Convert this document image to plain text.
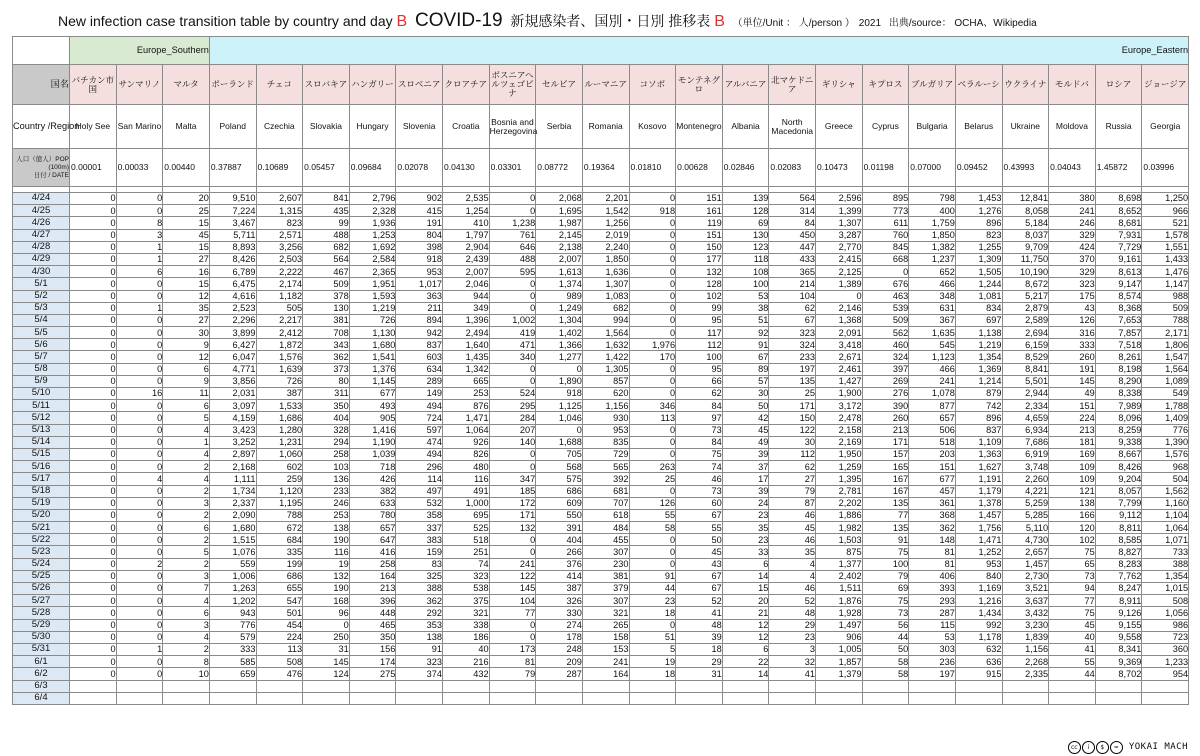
New infection case transition table by country and day B COVID-19 新規感染者、国別・日別 推移表 B （単位/Unit ： 人/person ） 2021 出典/source： OCHA、Wikipedia
	Europe_Southern			Europe_Eastern																				
国名	バチカン市国	サンマリノ	マルタ	ポーランド	チェコ	スロバキア	ハンガリー	スロベニア	クロアチア	ボスニアヘルツェゴビナ	セルビア	ルーマニア	コソボ	モンテネグロ	アルバニア	北マケドニア	ギリシャ	キプロス	ブルガリア	ベラルーシ	ウクライナ	モルドバ	ロシア	ジョージア
Country /Region	Holy See	San Marino	Malta	Poland	Czechia	Slovakia	Hungary	Slovenia	Croatia	Bosnia and Herzegovina	Serbia	Romania	Kosovo	Montenegro	Albania	North Macedonia	Greece	Cyprus	Bulgaria	Belarus	Ukraine	Moldova	Russia	Georgia
人口（億人）POP (100m)
日付 / DATE	0.00001	0.00033	0.00440	0.37887	0.10689	0.05457	0.09684	0.02078	0.04130	0.03301	0.08772	0.19364	0.01810	0.00628	0.02846	0.02083	0.10473	0.01198	0.07000	0.09452	0.43993	0.04043	1.45872	0.03996

4/24	0	0	20	9,510	2,607	841	2,796	902	2,535	0	2,068	2,201	0	151	139	564	2,596	895	798	1,453	12,841	380	8,698	1,250
4/25	0	0	25	7,224	1,315	435	2,328	415	1,254	0	1,695	1,542	918	161	128	314	1,399	773	400	1,276	8,058	241	8,652	966
4/26	0	8	15	3,467	823	99	1,936	191	410	1,238	1,987	1,256	0	119	69	84	1,307	611	1,759	896	5,184	246	8,681	521
4/27	0	3	45	5,711	2,571	488	1,253	804	1,797	761	2,145	2,019	0	151	130	450	3,287	760	1,850	823	8,037	329	7,931	1,578
4/28	0	1	15	8,893	3,256	682	1,692	398	2,904	646	2,138	2,240	0	150	123	447	2,770	845	1,382	1,255	9,709	424	7,729	1,551
4/29	0	1	27	8,426	2,503	564	2,584	918	2,439	488	2,007	1,850	0	177	118	433	2,415	668	1,237	1,309	11,750	370	9,161	1,433
4/30	0	6	16	6,789	2,222	467	2,365	953	2,007	595	1,613	1,636	0	132	108	365	2,125	0	652	1,505	10,190	329	8,613	1,476
5/1	0	0	15	6,475	2,174	509	1,951	1,017	2,046	0	1,374	1,307	0	128	100	214	1,389	676	466	1,244	8,672	323	9,147	1,147
5/2	0	0	12	4,616	1,182	378	1,593	363	944	0	989	1,083	0	102	53	104	0	463	348	1,081	5,217	175	8,574	988
5/3	0	1	35	2,523	505	130	1,219	211	349	0	1,249	682	0	99	38	62	2,146	539	631	834	2,879	43	8,368	509
5/4	0	0	27	2,296	2,217	381	726	894	1,396	1,002	1,304	994	0	95	51	67	1,368	509	367	697	2,589	126	7,653	788
5/5	0	0	30	3,899	2,412	708	1,130	942	2,494	419	1,402	1,564	0	117	92	323	2,091	562	1,635	1,138	2,694	316	7,857	2,171
5/6	0	0	9	6,427	1,872	343	1,680	837	1,640	471	1,366	1,632	1,976	112	91	324	3,418	460	545	1,219	6,159	333	7,518	1,806
5/7	0	0	12	6,047	1,576	362	1,541	603	1,435	340	1,277	1,422	170	100	67	233	2,671	324	1,123	1,354	8,529	260	8,261	1,547
5/8	0	0	6	4,771	1,639	373	1,376	634	1,342	0	0	1,305	0	95	89	197	2,461	397	466	1,369	8,841	191	8,198	1,564
5/9	0	0	9	3,856	726	80	1,145	289	665	0	1,890	857	0	66	57	135	1,427	269	241	1,214	5,501	145	8,290	1,089
5/10	0	16	11	2,031	387	311	677	149	253	524	918	620	0	62	30	25	1,900	276	1,078	879	2,944	49	8,338	549
5/11	0	0	6	3,097	1,533	350	493	494	876	295	1,125	1,156	346	84	50	171	3,172	390	877	742	2,334	151	7,989	1,788
5/12	0	0	5	4,159	1,686	404	905	724	1,471	284	1,046	930	113	97	42	150	2,478	260	657	896	4,659	224	8,096	1,409
5/13	0	0	4	3,423	1,280	328	1,416	597	1,064	207	0	953	0	73	45	122	2,158	213	506	837	6,934	213	8,259	776
5/14	0	0	1	3,252	1,231	294	1,190	474	926	140	1,688	835	0	84	49	30	2,169	171	518	1,109	7,686	181	9,338	1,390
5/15	0	0	4	2,897	1,060	258	1,039	494	826	0	705	729	0	75	39	112	1,950	157	203	1,363	6,919	169	8,667	1,576
5/16	0	0	2	2,168	602	103	718	296	480	0	568	565	263	74	37	62	1,259	165	151	1,627	3,748	109	8,426	968
5/17	0	4	4	1,111	259	136	426	114	116	347	575	392	25	46	17	27	1,395	167	677	1,191	2,260	109	9,204	504
5/18	0	0	2	1,734	1,120	233	382	497	491	185	686	681	0	73	39	79	2,781	167	457	1,179	4,221	121	8,057	1,562
5/19	0	0	3	2,337	1,195	246	633	532	1,000	172	609	707	126	60	24	87	2,202	135	361	1,378	5,259	138	7,799	1,160
5/20	0	0	2	2,090	788	253	780	358	695	171	550	618	55	67	23	46	1,886	77	368	1,457	5,285	166	9,112	1,104
5/21	0	0	6	1,680	672	138	657	337	525	132	391	484	58	55	35	45	1,982	135	362	1,756	5,110	120	8,811	1,064
5/22	0	0	2	1,515	684	190	647	383	518	0	404	455	0	50	23	46	1,503	91	148	1,471	4,730	102	8,585	1,071
5/23	0	0	5	1,076	335	116	416	159	251	0	266	307	0	45	33	35	875	75	81	1,252	2,657	75	8,827	733
5/24	0	2	2	559	199	19	258	83	74	241	376	230	0	43	6	4	1,377	100	81	953	1,457	65	8,283	388
5/25	0	0	3	1,006	686	132	164	325	323	122	414	381	91	67	14	4	2,402	79	406	840	2,730	73	7,762	1,354
5/26	0	0	7	1,263	655	190	213	388	538	145	387	379	44	67	15	46	1,511	69	393	1,169	3,521	94	8,247	1,015
5/27	0	0	4	1,202	547	168	396	362	375	104	326	307	23	52	20	52	1,876	75	293	1,216	3,637	77	8,911	508
5/28	0	0	6	943	501	96	448	292	321	77	330	321	18	41	21	48	1,928	73	287	1,434	3,432	75	9,126	1,056
5/29	0	0	3	776	454	0	465	353	338	0	274	265	0	48	12	29	1,497	56	115	992	3,230	45	9,155	986
5/30	0	0	4	579	224	250	350	138	186	0	178	158	51	39	12	23	906	44	53	1,178	1,839	40	9,558	723
5/31	0	1	2	333	113	31	156	91	40	173	248	153	5	18	6	3	1,005	50	303	632	1,156	41	8,341	360
6/1	0	0	8	585	508	145	174	323	216	81	209	241	19	29	22	32	1,857	58	236	636	2,268	55	9,369	1,233
6/2	0	0	10	659	476	124	275	374	432	79	287	164	18	31	14	41	1,379	58	197	915	2,335	44	8,702	954
6/3																								
6/4																								
cc	i	$	=	YOKAI MACH
